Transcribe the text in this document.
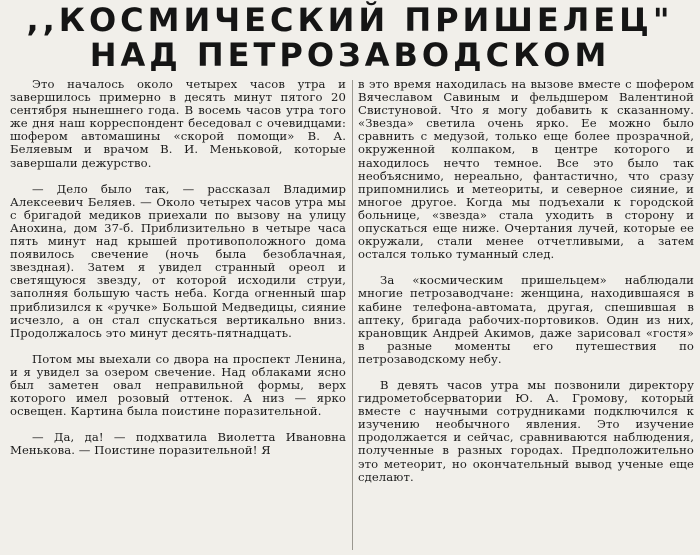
,,КОСМИЧЕСКИЙ ПРИШЕЛЕЦ"
НАД ПЕТРОЗАВОДСКОМ

Это началось около четырех часов утра и завершилось примерно в десять минут пятого 20 сентября нынешнего года. В восемь часов утра того же дня наш корреспондент беседовал с очевидцами: шофером автомашины «скорой помощи» В. А. Беляевым и врачом В. И. Меньковой, которые завершали дежурство.

— Дело было так, — рассказал Владимир Алексеевич Беляев. — Около четырех часов утра мы с бригадой медиков приехали по вызову на улицу Анохина, дом 37-б. Приблизительно в четыре часа пять минут над крышей противоположного дома появилось свечение (ночь была безоблачная, звездная). Затем я увидел странный ореол и светящуюся звезду, от которой исходили струи, заполняя большую часть неба. Когда огненный шар приблизился к «ручке» Большой Медведицы, сияние исчезло, а он стал спускаться вертикально вниз. Продолжалось это минут десять-пятнадцать.

Потом мы выехали со двора на проспект Ленина, и я увидел за озером свечение. Над облаками ясно был заметен овал неправильной формы, верх которого имел розовый оттенок. А низ — ярко освещен. Картина была поистине поразительной.

— Да, да! — подхватила Виолетта Ивановна Менькова. — Поистине поразительной! Я

в это время находилась на вызове вместе с шофером Вячеславом Савиным и фельдшером Валентиной Свистуновой. Что я могу добавить к сказанному. «Звезда» светила очень ярко. Ее можно было сравнить с медузой, только еще более прозрачной, окруженной колпаком, в центре которого и находилось нечто темное. Все это было так необъяснимо, нереально, фантастично, что сразу припомнились и метеориты, и северное сияние, и многое другое. Когда мы подъехали к городской больнице, «звезда» стала уходить в сторону и опускаться еще ниже. Очертания лучей, которые ее окружали, стали менее отчетливыми, а затем остался только туманный след.

За «космическим пришельцем» наблюдали многие петрозаводчане: женщина, находившаяся в кабине телефона-автомата, другая, спешившая в аптеку, бригада рабочих-портовиков. Один из них, крановщик Андрей Акимов, даже зарисовал «гостя» в разные моменты его путешествия по петрозаводскому небу.

В девять часов утра мы позвонили директору гидрометобсерватории Ю. А. Громову, который вместе с научными сотрудниками подключился к изучению необычного явления. Это изучение продолжается и сейчас, сравниваются наблюдения, полученные в разных городах. Предположительно это метеорит, но окончательный вывод ученые еще сделают.
